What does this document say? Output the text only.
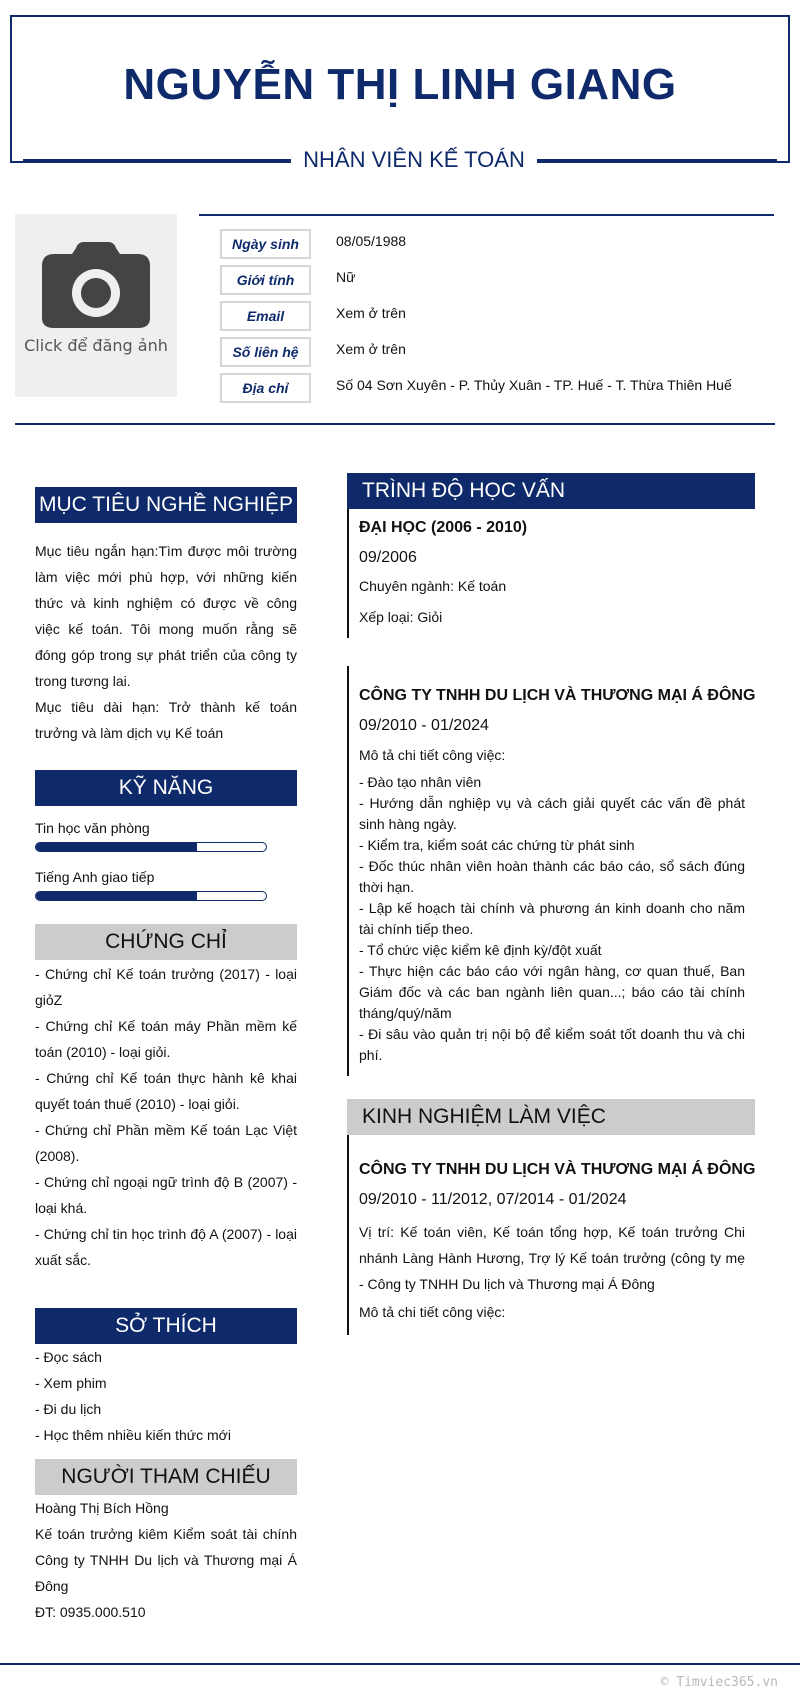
NGUYỄN THỊ LINH GIANG
NHÂN VIÊN KẾ TOÁN
Click để đăng ảnh
Ngày sinh	08/05/1988
Giới tính	Nữ
Email	Xem ở trên
Số liên hệ	Xem ở trên
Địa chỉ	Số 04 Sơn Xuyên - P. Thủy Xuân - TP. Huế - T. Thừa Thiên Huế
MỤC TIÊU NGHỀ NGHIỆP
Mục tiêu ngắn hạn:Tìm được môi trường làm việc mới phù hợp, với những kiến thức và kinh nghiệm có được về công việc kế toán. Tôi mong muốn rằng sẽ đóng góp trong sự phát triển của công ty trong tương lai.
Mục tiêu dài hạn: Trở thành kế toán trưởng và làm dịch vụ Kế toán
KỸ NĂNG
Tin học văn phòng
Tiếng Anh giao tiếp
CHỨNG CHỈ
- Chứng chỉ Kế toán trưởng (2017) - loại giỏZ
- Chứng chỉ Kế toán máy Phần mềm kế toán (2010) - loại giỏi.
- Chứng chỉ Kế toán thực hành kê khai quyết toán thuế (2010) - loại giỏi.
- Chứng chỉ Phần mềm Kế toán Lạc Việt (2008).
- Chứng chỉ ngoại ngữ trình độ B (2007) - loại khá.
- Chứng chỉ tin học trình độ A (2007) - loại xuất sắc.
SỞ THÍCH
- Đọc sách
- Xem phim
- Đi du lịch
- Học thêm nhiều kiến thức mới
NGƯỜI THAM CHIẾU
Hoàng Thị Bích Hồng
Kế toán trưởng kiêm Kiểm soát tài chính Công ty TNHH Du lịch và Thương mại Á Đông
ĐT: 0935.000.510
TRÌNH ĐỘ HỌC VẤN
ĐẠI HỌC (2006 - 2010)
09/2006
Chuyên ngành: Kế toán
Xếp loại: Giỏi
CÔNG TY TNHH DU LỊCH VÀ THƯƠNG MẠI Á ĐÔNG
09/2010 - 01/2024
Mô tả chi tiết công việc:
- Đào tạo nhân viên
- Hướng dẫn nghiệp vụ và cách giải quyết các vấn đề phát sinh hàng ngày.
- Kiểm tra, kiểm soát các chứng từ phát sinh
- Đốc thúc nhân viên hoàn thành các báo cáo, sổ sách đúng thời hạn.
- Lập kế hoạch tài chính và phương án kinh doanh cho năm tài chính tiếp theo.
- Tổ chức việc kiểm kê định kỳ/đột xuất
- Thực hiện các báo cáo với ngân hàng, cơ quan thuế, Ban Giám đốc và các ban ngành liên quan...; báo cáo tài chính tháng/quý/năm
- Đi sâu vào quản trị nội bộ để kiểm soát tốt doanh thu và chi phí.
KINH NGHIỆM LÀM VIỆC
CÔNG TY TNHH DU LỊCH VÀ THƯƠNG MẠI Á ĐÔNG
09/2010 - 11/2012, 07/2014 - 01/2024
Vị trí: Kế toán viên, Kế toán tổng hợp, Kế toán trưởng Chi nhánh Làng Hành Hương, Trợ lý Kế toán trưởng (công ty mẹ - Công ty TNHH Du lịch và Thương mại Á Đông
Mô tả chi tiết công việc:
© Timviec365.vn
